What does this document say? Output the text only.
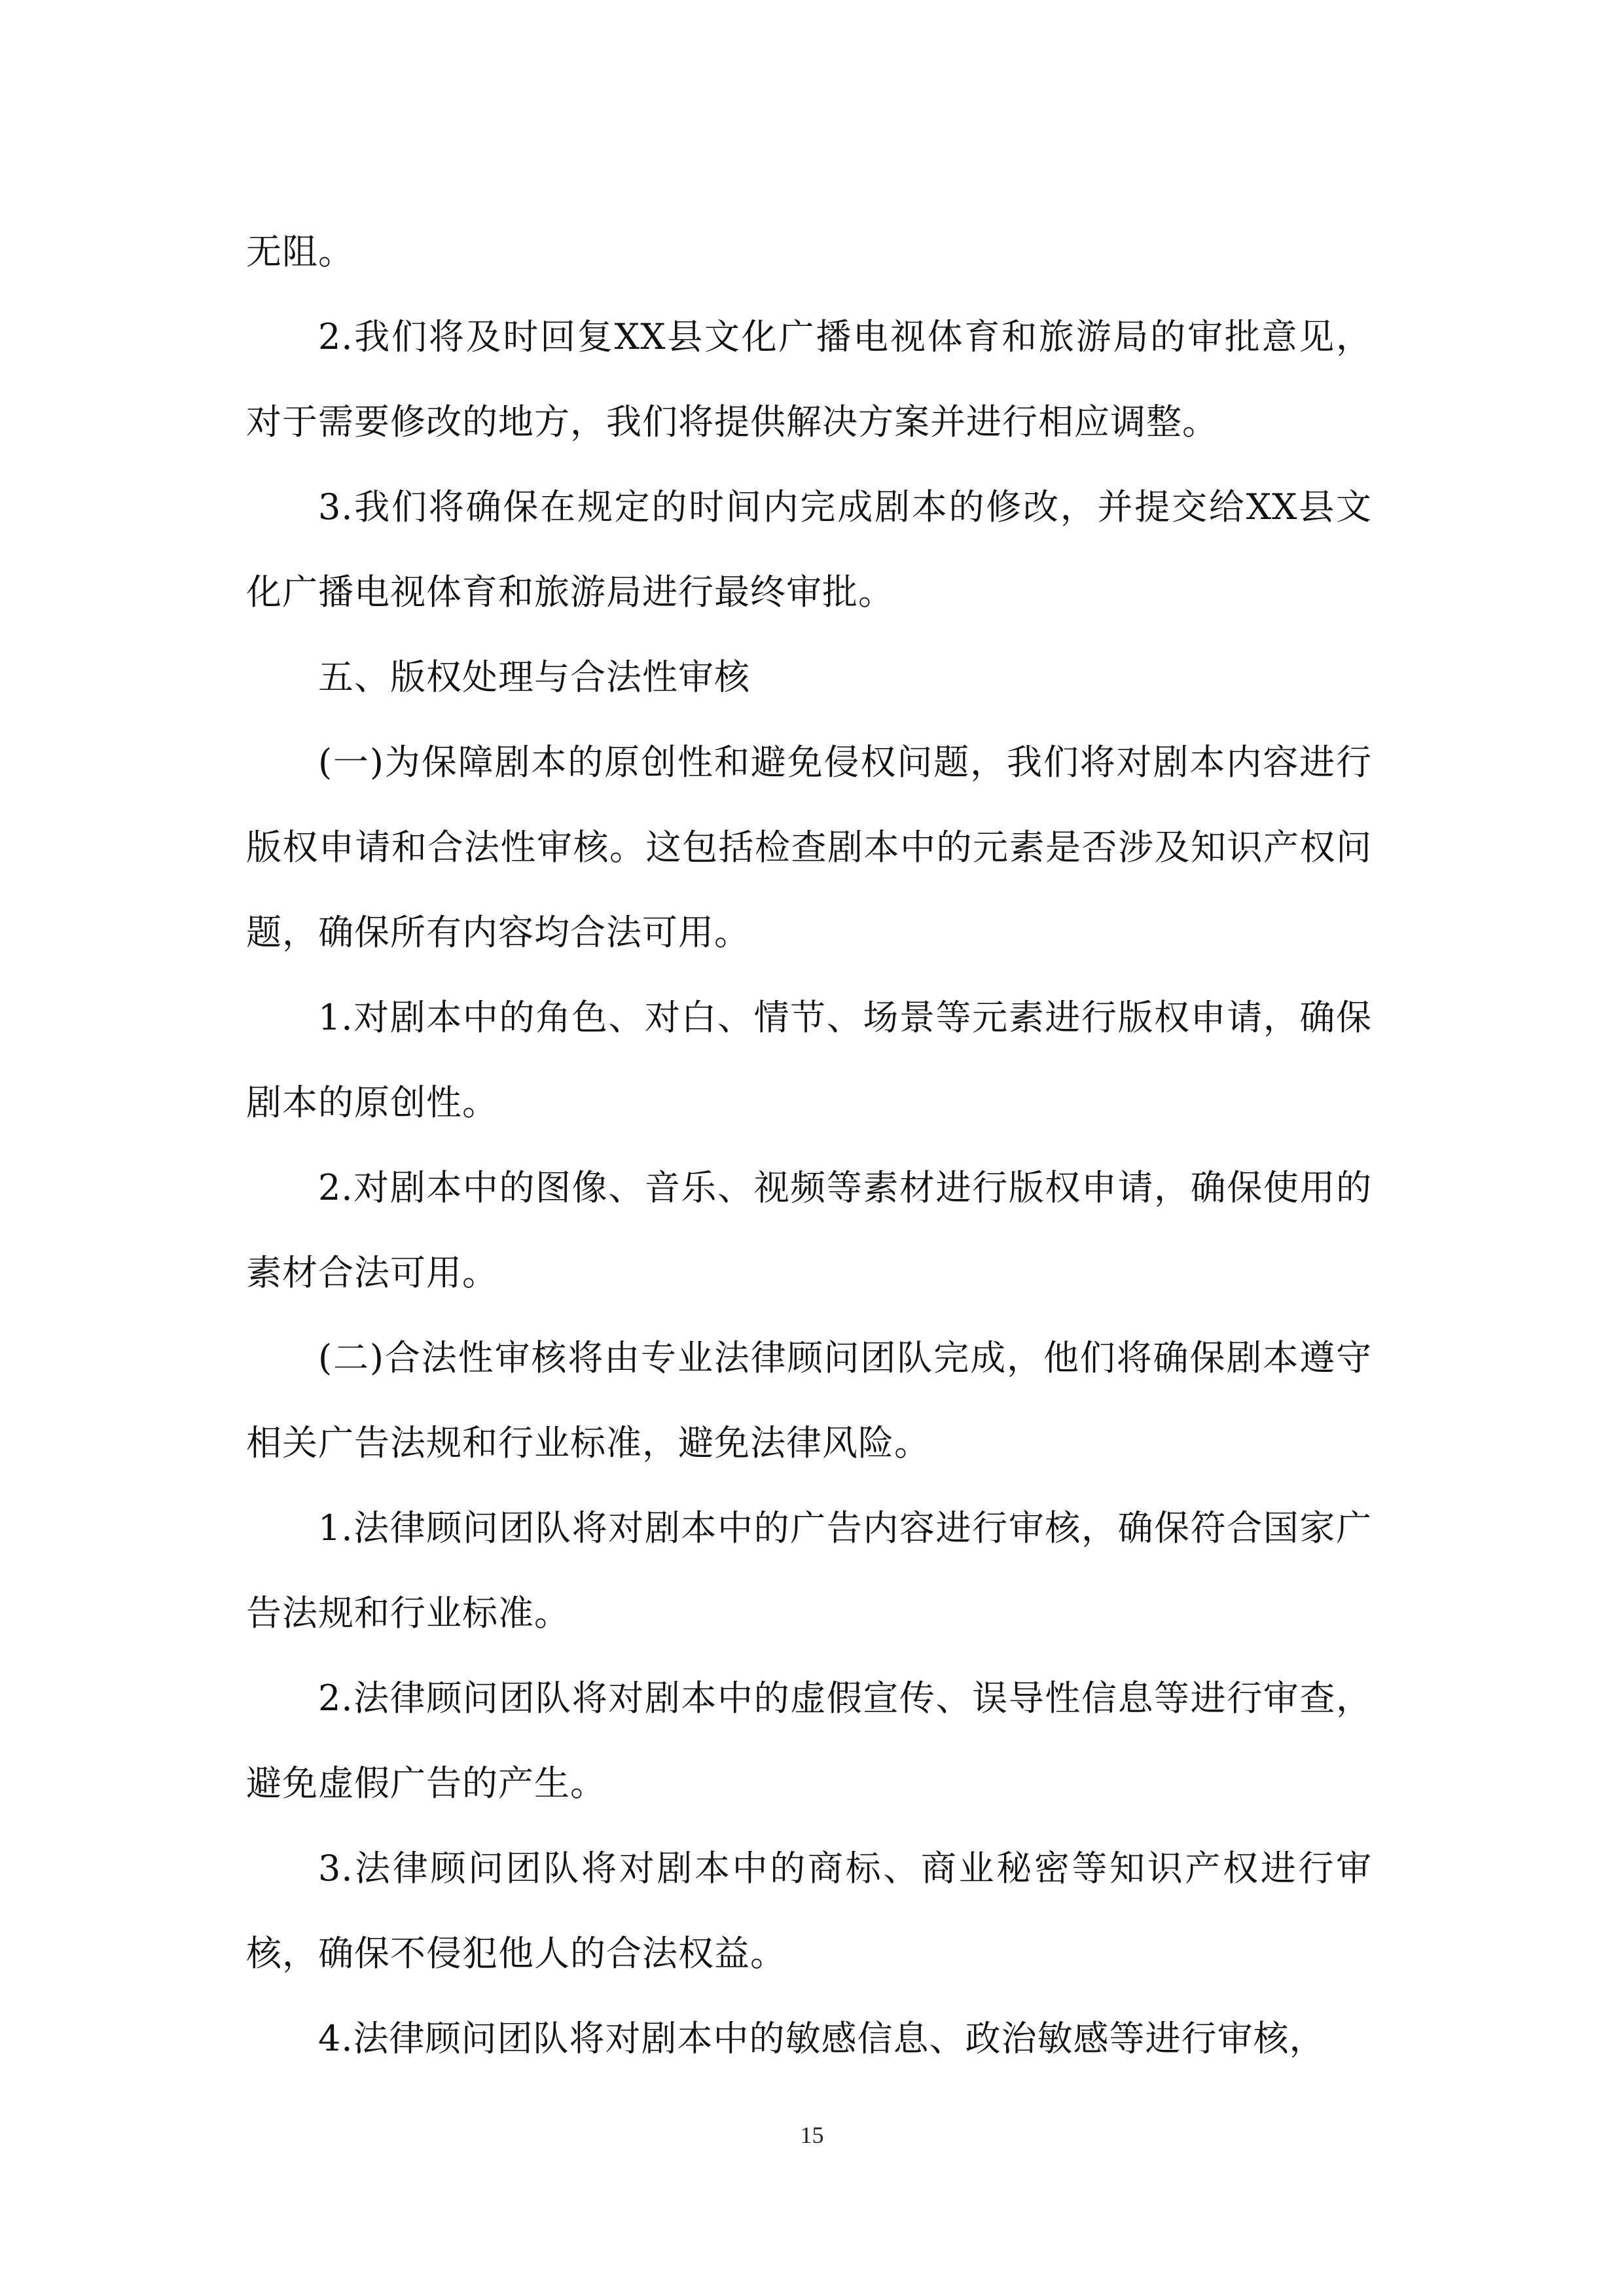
无阻。

2.我们将及时回复XX县文化广播电视体育和旅游局的审批意见，对于需要修改的地方，我们将提供解决方案并进行相应调整。

3.我们将确保在规定的时间内完成剧本的修改，并提交给XX县文化广播电视体育和旅游局进行最终审批。

五、版权处理与合法性审核

(一)为保障剧本的原创性和避免侵权问题，我们将对剧本内容进行版权申请和合法性审核。这包括检查剧本中的元素是否涉及知识产权问题，确保所有内容均合法可用。

1.对剧本中的角色、对白、情节、场景等元素进行版权申请，确保剧本的原创性。

2.对剧本中的图像、音乐、视频等素材进行版权申请，确保使用的素材合法可用。

(二)合法性审核将由专业法律顾问团队完成，他们将确保剧本遵守相关广告法规和行业标准，避免法律风险。

1.法律顾问团队将对剧本中的广告内容进行审核，确保符合国家广告法规和行业标准。

2.法律顾问团队将对剧本中的虚假宣传、误导性信息等进行审查，避免虚假广告的产生。

3.法律顾问团队将对剧本中的商标、商业秘密等知识产权进行审核，确保不侵犯他人的合法权益。

4.法律顾问团队将对剧本中的敏感信息、政治敏感等进行审核，

15
